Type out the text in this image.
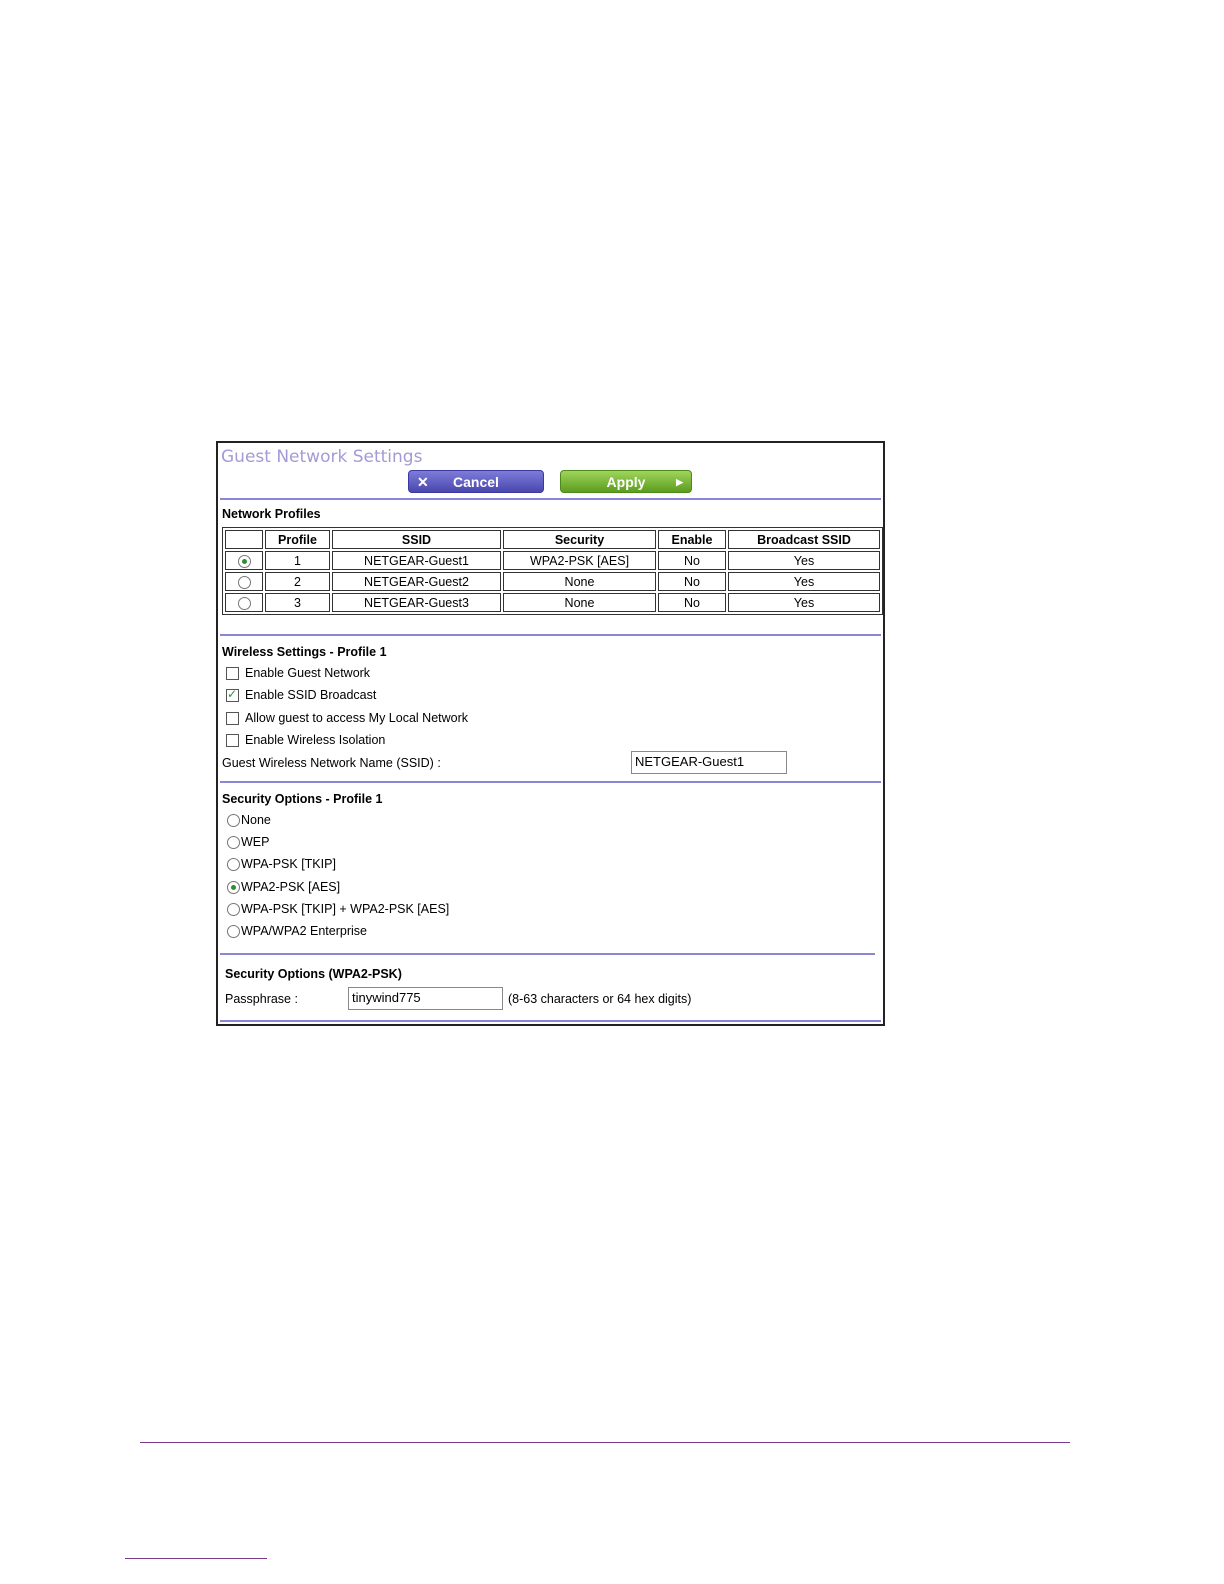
Guest Network Settings
✕	Cancel	Apply	▶
Network Profiles
	Profile	SSID	Security	Enable	Broadcast SSID
	1	NETGEAR-Guest1	WPA2-PSK [AES]	No	Yes
	2	NETGEAR-Guest2	None	No	Yes
	3	NETGEAR-Guest3	None	No	Yes
Wireless Settings - Profile 1
Enable Guest Network
✓Enable SSID Broadcast
Allow guest to access My Local Network
Enable Wireless Isolation
Guest Wireless Network Name (SSID) :	NETGEAR-Guest1
Security Options - Profile 1
None
WEP
WPA-PSK [TKIP]
WPA2-PSK [AES]
WPA-PSK [TKIP] + WPA2-PSK [AES]
WPA/WPA2 Enterprise
Security Options (WPA2-PSK)
Passphrase :	tinywind775	(8-63 characters or 64 hex digits)
